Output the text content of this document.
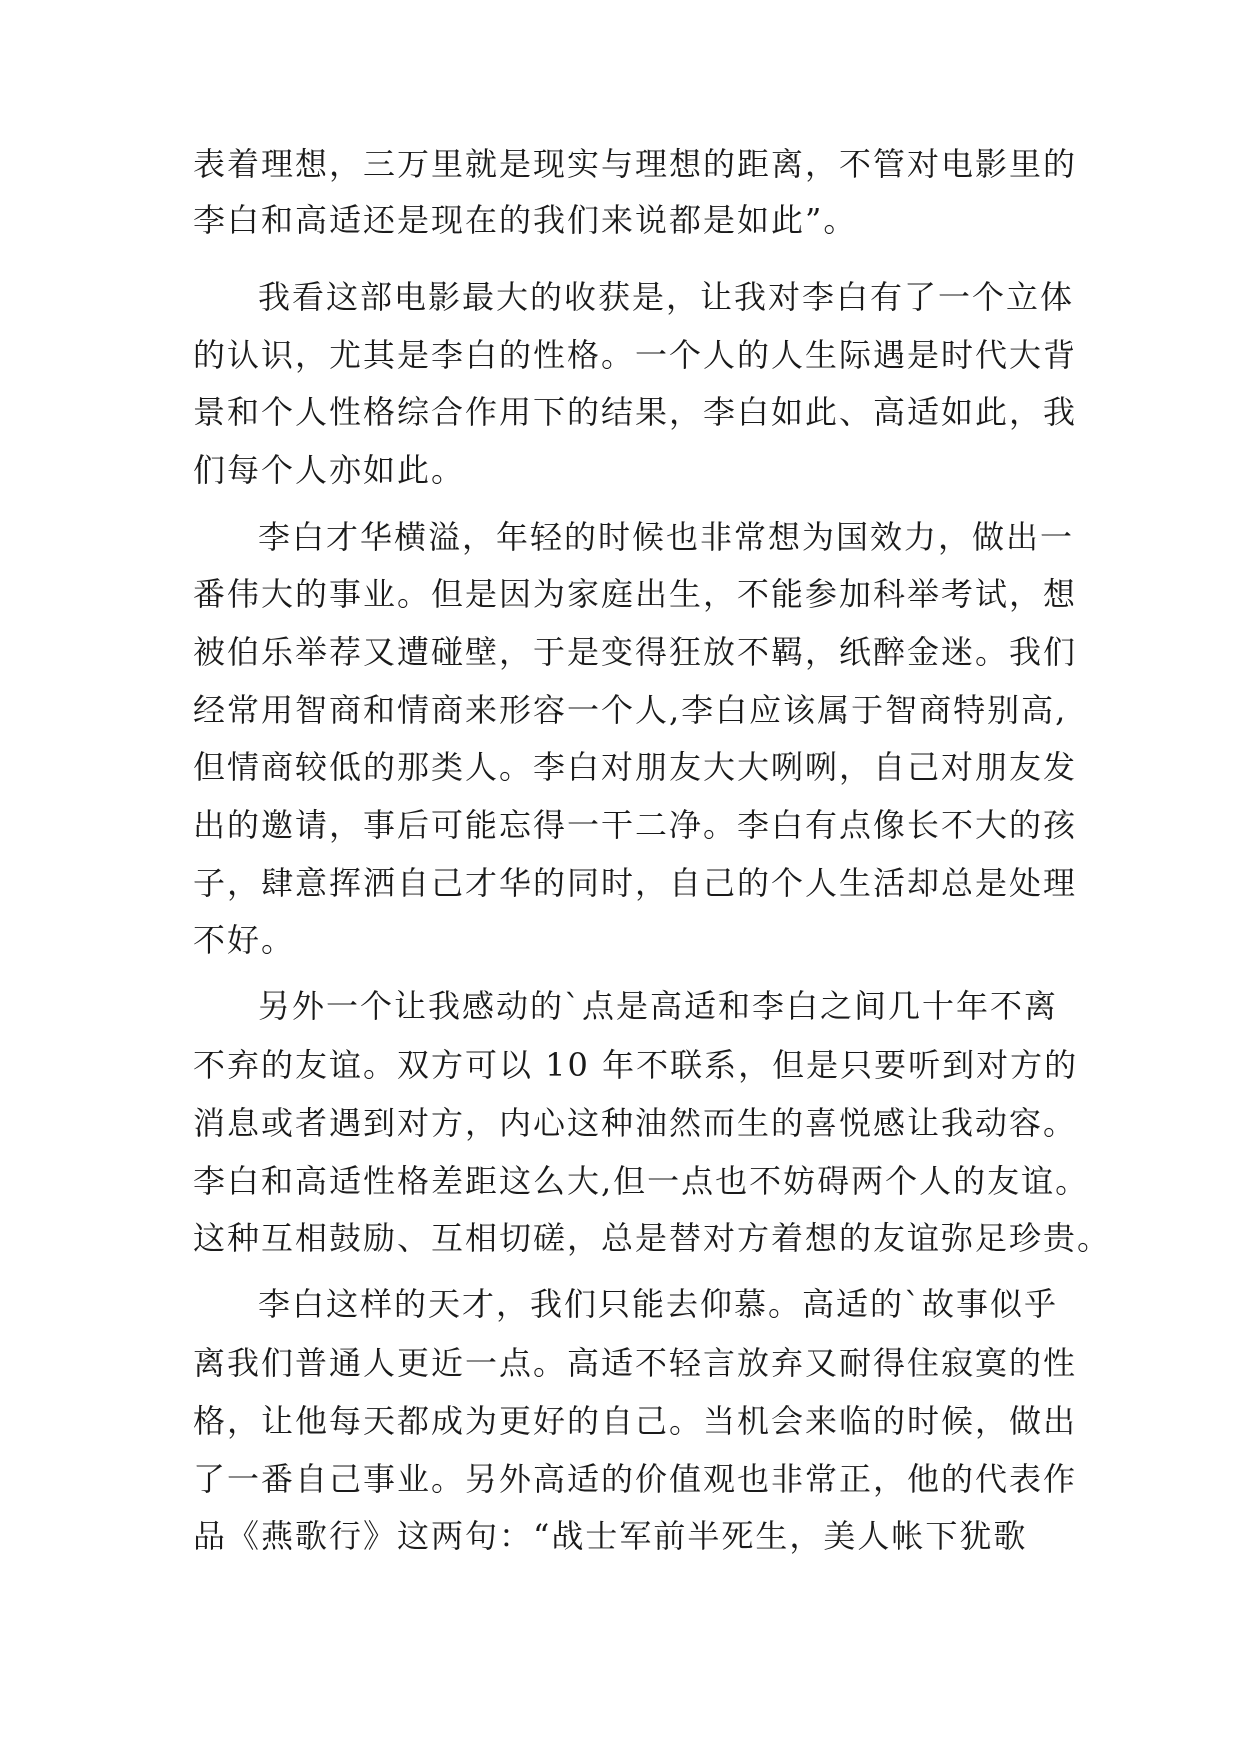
表着理想，三万里就是现实与理想的距离，不管对电影里的
李白和高适还是现在的我们来说都是如此”。
我看这部电影最大的收获是，让我对李白有了一个立体
的认识，尤其是李白的性格。一个人的人生际遇是时代大背
景和个人性格综合作用下的结果，李白如此、高适如此，我
们每个人亦如此。
李白才华横溢，年轻的时候也非常想为国效力，做出一
番伟大的事业。但是因为家庭出生，不能参加科举考试，想
被伯乐举荐又遭碰壁，于是变得狂放不羁，纸醉金迷。我们
经常用智商和情商来形容一个人,李白应该属于智商特别高,
但情商较低的那类人。李白对朋友大大咧咧，自己对朋友发
出的邀请，事后可能忘得一干二净。李白有点像长不大的孩
子，肆意挥洒自己才华的同时，自己的个人生活却总是处理
不好。
另外一个让我感动的`点是高适和李白之间几十年不离
不弃的友谊。双方可以 10 年不联系，但是只要听到对方的
消息或者遇到对方，内心这种油然而生的喜悦感让我动容。
李白和高适性格差距这么大,但一点也不妨碍两个人的友谊。
这种互相鼓励、互相切磋，总是替对方着想的友谊弥足珍贵。
李白这样的天才，我们只能去仰慕。高适的`故事似乎
离我们普通人更近一点。高适不轻言放弃又耐得住寂寞的性
格，让他每天都成为更好的自己。当机会来临的时候，做出
了一番自己事业。另外高适的价值观也非常正，他的代表作
品《燕歌行》这两句：“战士军前半死生，美人帐下犹歌
